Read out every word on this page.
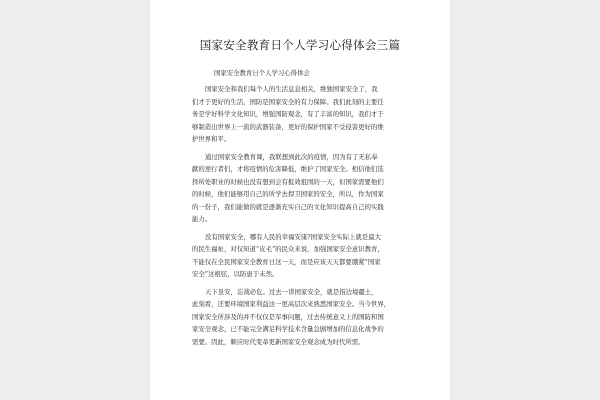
国家安全教育日个人学习心得体会三篇
国家安全教育日个人学习心得体会
国家安全和我们每个人的生活息息相关，维独国家安全了，我
们才于更好的生活，国防是国家安全的有力保障。我们此刻的主要任
务是学好科学文化知识，增强国防观念，有了丰富的知识，我们才于
够制造出世界上一流的武器装备，更好的保护国家不受侵害更好的维
护世界和平。
通过国家安全教育课，我联想到此次的疫情，因为有了无私奉
献的逆行者们，才将疫情的危害降低，维护了国家安全。相信他们选
择所处职业的时候也没有想到会有报效祖国的一天，但国家需要他们
的时候，他们能够用自己的所学去捍卫国家的安全，所以，作为国家
的一份子，我们能做的就是逐渐充实自己的文化知识提高自己的实践
能力。
没有国家安全，哪有人民的幸福安康?国家安全实际上就是最大
的民生福祉，对仅知道“皮毛”的民众来说，加强国家安全意识教育，
不能仅在全民国家安全教育日这一天，而是应该天天都要绷紧“国家
安全”这根弦，以防患于未然。
天下虽安，忘战必危。过去一讲国家安全，就是指边境疆土，
此刻看，还要环境国家利益这一更高层次来熟悉国家安全。当今世界，
国家安全所涉及的并不仅仅是军事问题，过去传统意义上的国防和国
家安全观念，已不能完全满足科学技术含量急剧增加的信息化战争的
需要。因此，顺应时代变革更新国家安全观念成为时代所需。
